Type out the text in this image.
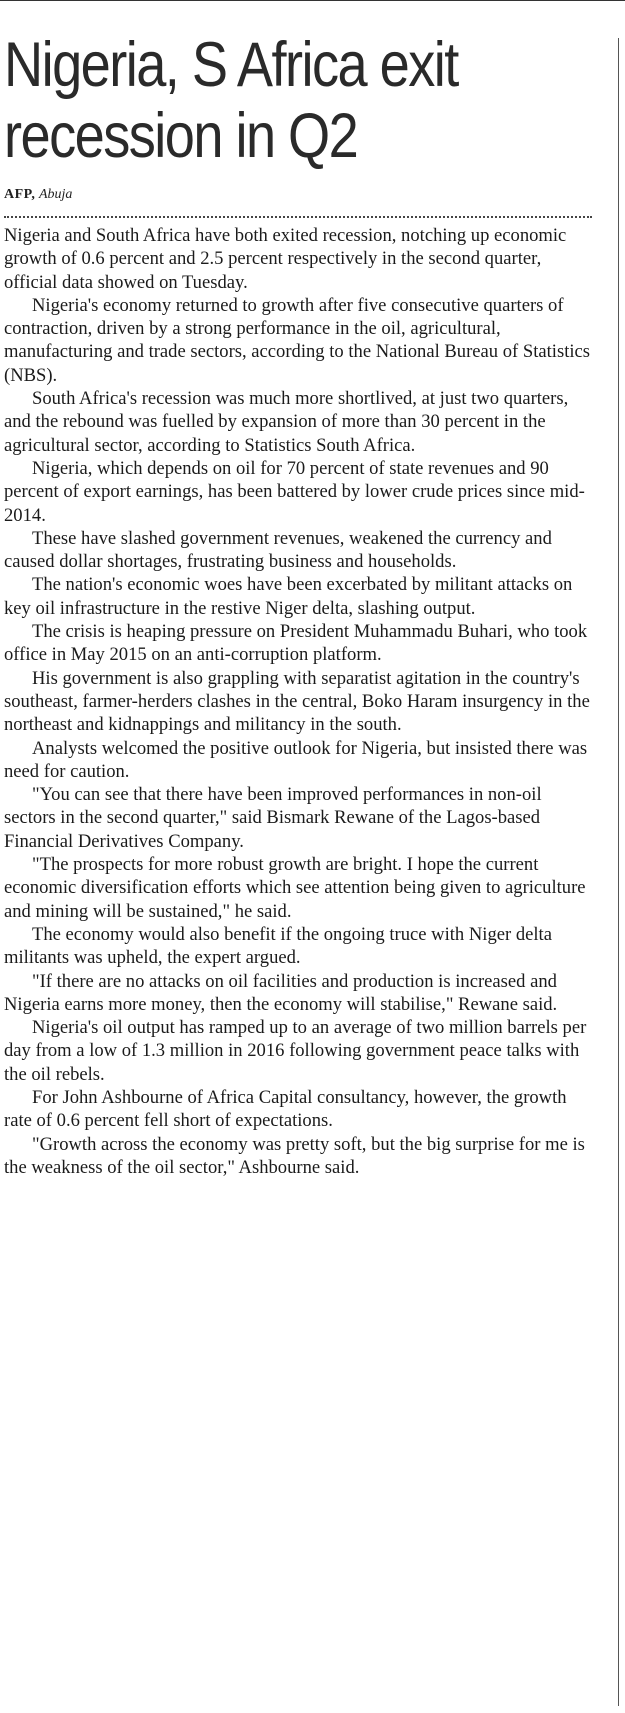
Nigeria, S Africa exit
recession in Q2
AFP, Abuja

Nigeria and South Africa have both exited recession, notching up economic growth of 0.6 percent and 2.5 percent respectively in the second quarter, official data showed on Tuesday.

Nigeria's economy returned to growth after five consecutive quarters of contraction, driven by a strong performance in the oil, agricultural, manufacturing and trade sectors, according to the National Bureau of Statistics (NBS).

South Africa's recession was much more shortlived, at just two quarters, and the rebound was fuelled by expansion of more than 30 percent in the agricultural sector, according to Statistics South Africa.

Nigeria, which depends on oil for 70 percent of state revenues and 90 percent of export earnings, has been battered by lower crude prices since mid-2014.

These have slashed government revenues, weakened the currency and caused dollar shortages, frustrating business and households.

The nation's economic woes have been excerbated by militant attacks on key oil infrastructure in the restive Niger delta, slashing output.

The crisis is heaping pressure on President Muhammadu Buhari, who took office in May 2015 on an anti-corruption platform.

His government is also grappling with separatist agitation in the country's southeast, farmer-herders clashes in the central, Boko Haram insurgency in the northeast and kidnappings and militancy in the south.

Analysts welcomed the positive outlook for Nigeria, but insisted there was need for caution.

"You can see that there have been improved performances in non-oil sectors in the second quarter," said Bismark Rewane of the Lagos-based Financial Derivatives Company.

"The prospects for more robust growth are bright. I hope the current economic diversification efforts which see attention being given to agriculture and mining will be sustained," he said.

The economy would also benefit if the ongoing truce with Niger delta militants was upheld, the expert argued.

"If there are no attacks on oil facilities and production is increased and Nigeria earns more money, then the economy will stabilise," Rewane said.

Nigeria's oil output has ramped up to an average of two million barrels per day from a low of 1.3 million in 2016 following government peace talks with the oil rebels.

For John Ashbourne of Africa Capital consultancy, however, the growth rate of 0.6 percent fell short of expectations.

"Growth across the economy was pretty soft, but the big surprise for me is the weakness of the oil sector," Ashbourne said.
